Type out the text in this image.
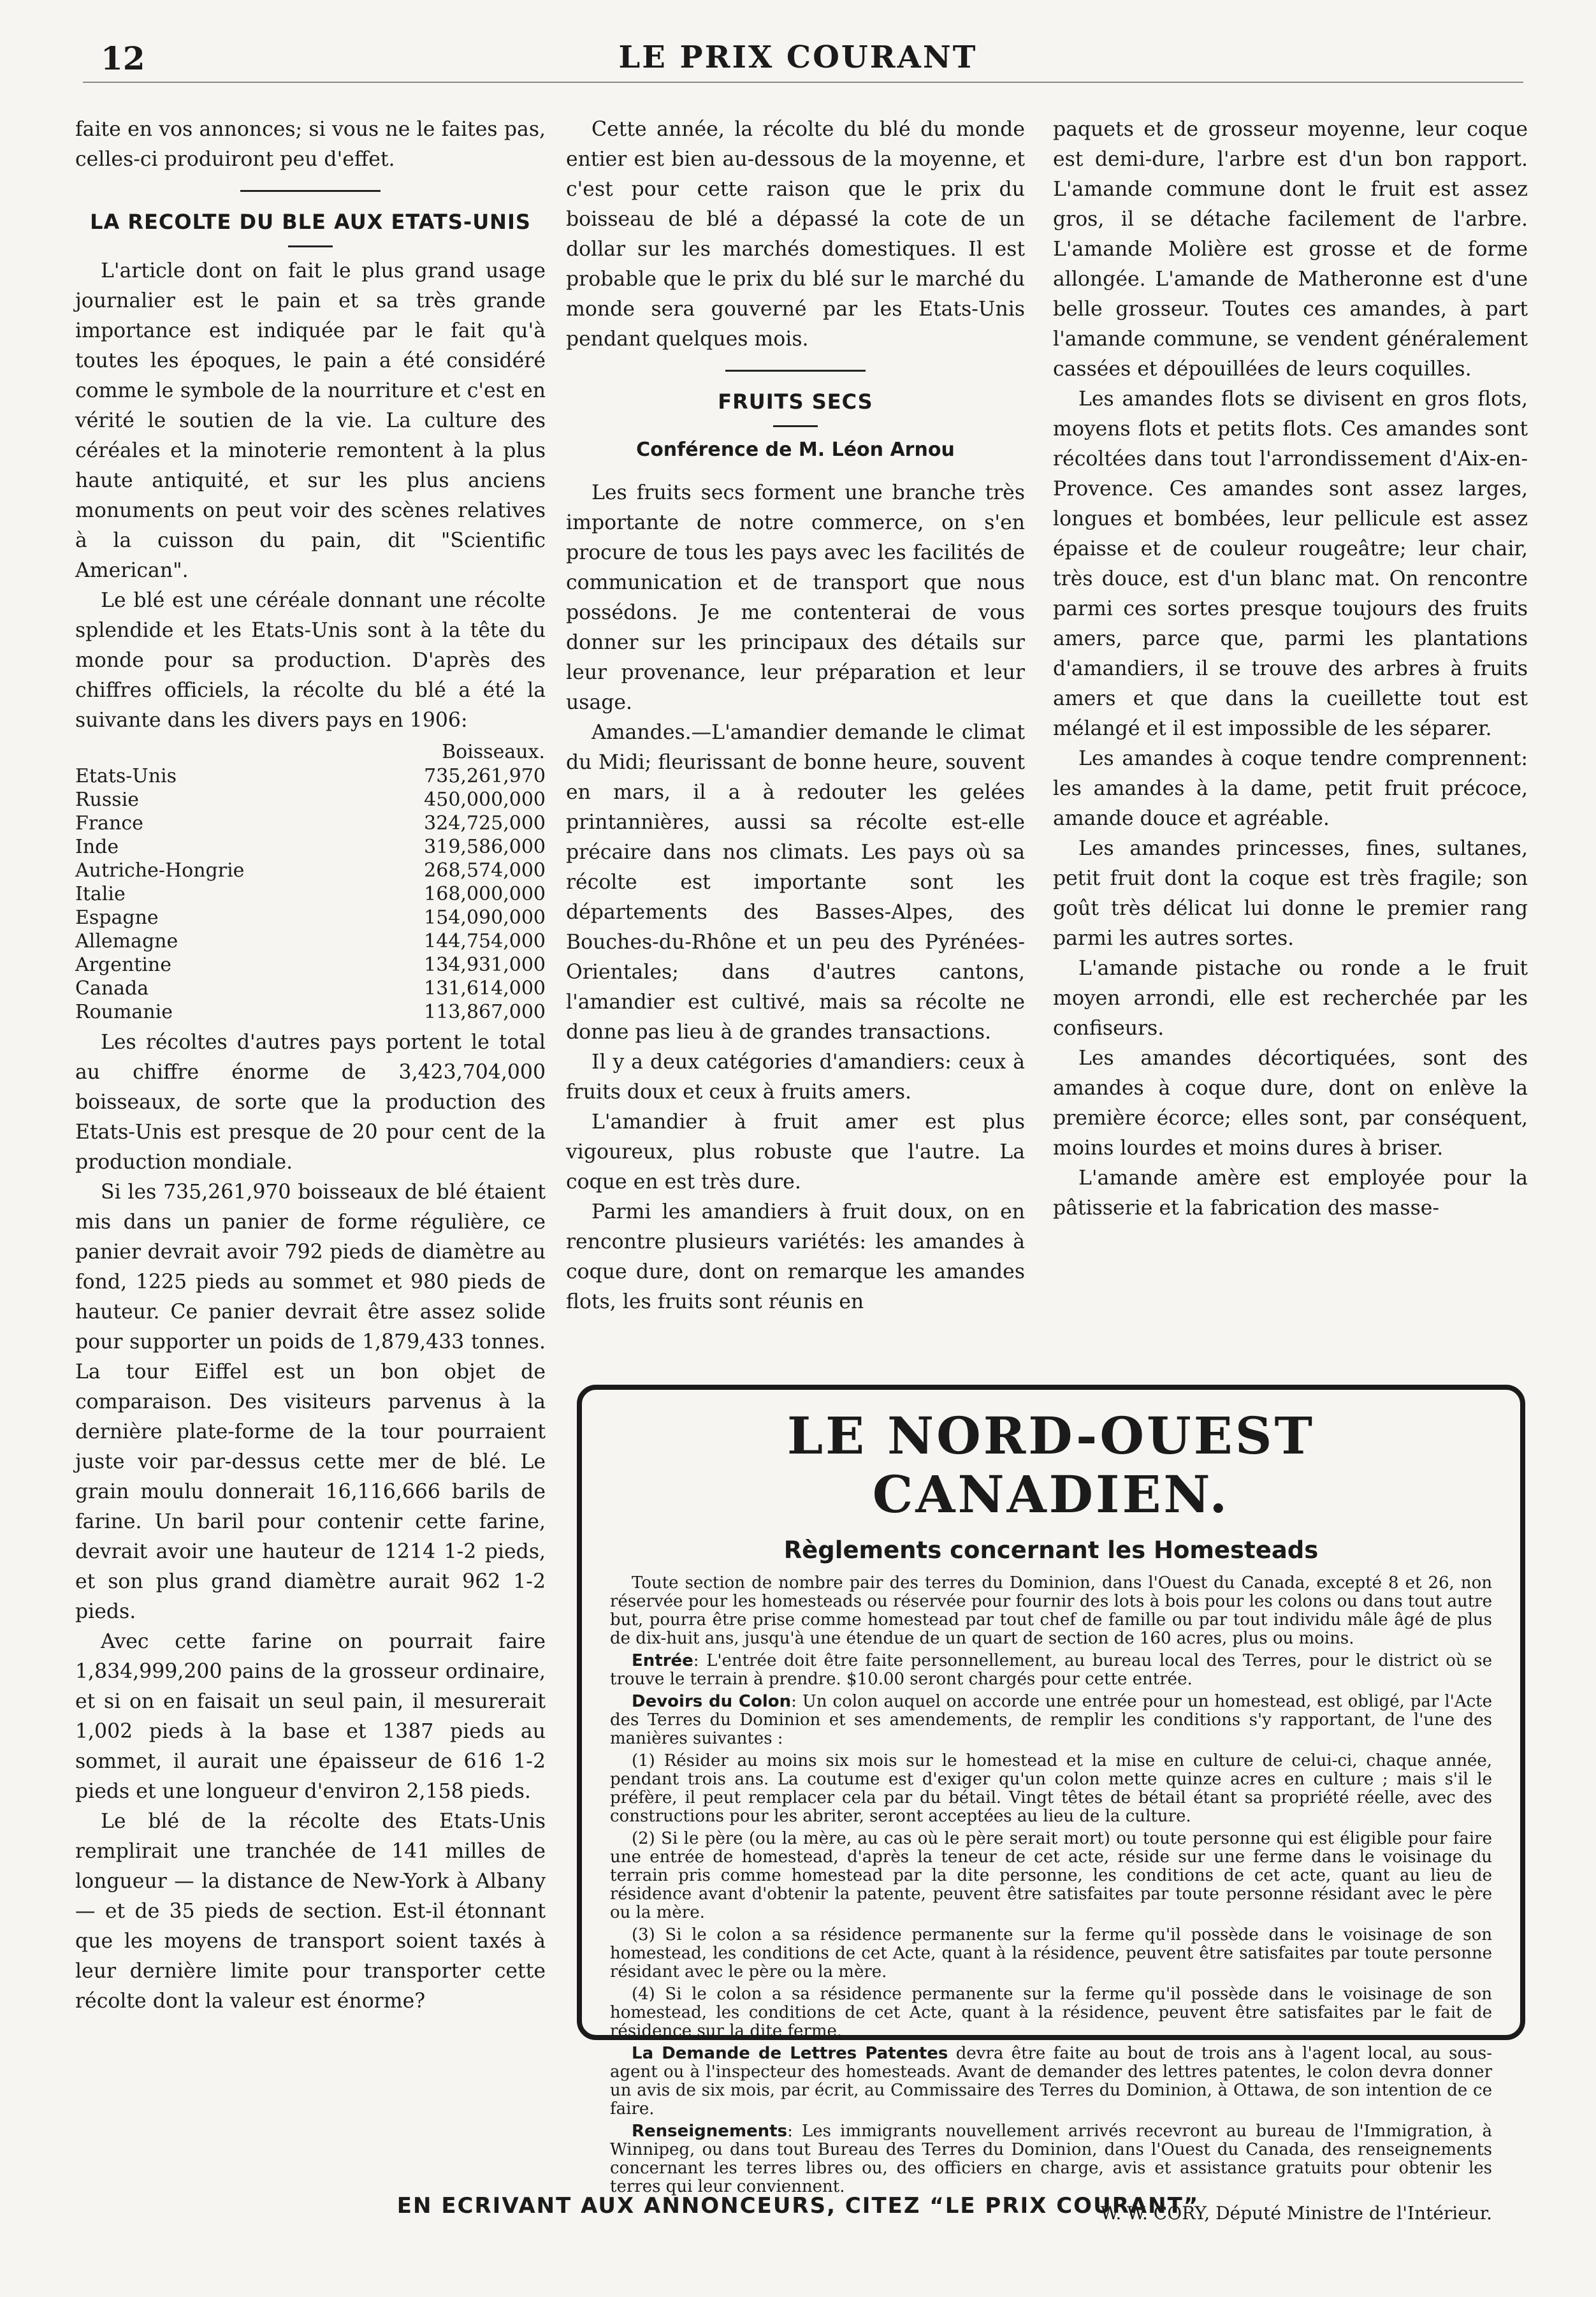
12	LE PRIX COURANT

faite en vos annonces; si vous ne le faites pas, celles-ci produiront peu d'effet.

LA RECOLTE DU BLE AUX ETATS-UNIS

L'article dont on fait le plus grand usage journalier est le pain et sa très grande importance est indiquée par le fait qu'à toutes les époques, le pain a été considéré comme le symbole de la nourriture et c'est en vérité le soutien de la vie. La culture des céréales et la minoterie remontent à la plus haute antiquité, et sur les plus anciens monuments on peut voir des scènes relatives à la cuisson du pain, dit "Scientific American".

Le blé est une céréale donnant une récolte splendide et les Etats-Unis sont à la tête du monde pour sa production. D'après des chiffres officiels, la récolte du blé a été la suivante dans les divers pays en 1906:

	Boisseaux.
Etats-Unis	735,261,970
Russie	450,000,000
France	324,725,000
Inde	319,586,000
Autriche-Hongrie	268,574,000
Italie	168,000,000
Espagne	154,090,000
Allemagne	144,754,000
Argentine	134,931,000
Canada	131,614,000
Roumanie	113,867,000

Les récoltes d'autres pays portent le total au chiffre énorme de 3,423,704,000 boisseaux, de sorte que la production des Etats-Unis est presque de 20 pour cent de la production mondiale.

Si les 735,261,970 boisseaux de blé étaient mis dans un panier de forme régulière, ce panier devrait avoir 792 pieds de diamètre au fond, 1225 pieds au sommet et 980 pieds de hauteur. Ce panier devrait être assez solide pour supporter un poids de 1,879,433 tonnes. La tour Eiffel est un bon objet de comparaison. Des visiteurs parvenus à la dernière plate-forme de la tour pourraient juste voir par-dessus cette mer de blé. Le grain moulu donnerait 16,116,666 barils de farine. Un baril pour contenir cette farine, devrait avoir une hauteur de 1214 1-2 pieds, et son plus grand diamètre aurait 962 1-2 pieds.

Avec cette farine on pourrait faire 1,834,999,200 pains de la grosseur ordinaire, et si on en faisait un seul pain, il mesurerait 1,002 pieds à la base et 1387 pieds au sommet, il aurait une épaisseur de 616 1-2 pieds et une longueur d'environ 2,158 pieds.

Le blé de la récolte des Etats-Unis remplirait une tranchée de 141 milles de longueur — la distance de New-York à Albany — et de 35 pieds de section. Est-il étonnant que les moyens de transport soient taxés à leur dernière limite pour transporter cette récolte dont la valeur est énorme?

Cette année, la récolte du blé du monde entier est bien au-dessous de la moyenne, et c'est pour cette raison que le prix du boisseau de blé a dépassé la cote de un dollar sur les marchés domestiques. Il est probable que le prix du blé sur le marché du monde sera gouverné par les Etats-Unis pendant quelques mois.

FRUITS SECS
Conférence de M. Léon Arnou

Les fruits secs forment une branche très importante de notre commerce, on s'en procure de tous les pays avec les facilités de communication et de transport que nous possédons. Je me contenterai de vous donner sur les principaux des détails sur leur provenance, leur préparation et leur usage.

Amandes.—L'amandier demande le climat du Midi; fleurissant de bonne heure, souvent en mars, il a à redouter les gelées printannières, aussi sa récolte est-elle précaire dans nos climats. Les pays où sa récolte est importante sont les départements des Basses-Alpes, des Bouches-du-Rhône et un peu des Pyrénées-Orientales; dans d'autres cantons, l'amandier est cultivé, mais sa récolte ne donne pas lieu à de grandes transactions.

Il y a deux catégories d'amandiers: ceux à fruits doux et ceux à fruits amers.

L'amandier à fruit amer est plus vigoureux, plus robuste que l'autre. La coque en est très dure.

Parmi les amandiers à fruit doux, on en rencontre plusieurs variétés: les amandes à coque dure, dont on remarque les amandes flots, les fruits sont réunis en

paquets et de grosseur moyenne, leur coque est demi-dure, l'arbre est d'un bon rapport. L'amande commune dont le fruit est assez gros, il se détache facilement de l'arbre. L'amande Molière est grosse et de forme allongée. L'amande de Matheronne est d'une belle grosseur. Toutes ces amandes, à part l'amande commune, se vendent généralement cassées et dépouillées de leurs coquilles.

Les amandes flots se divisent en gros flots, moyens flots et petits flots. Ces amandes sont récoltées dans tout l'arrondissement d'Aix-en-Provence. Ces amandes sont assez larges, longues et bombées, leur pellicule est assez épaisse et de couleur rougeâtre; leur chair, très douce, est d'un blanc mat. On rencontre parmi ces sortes presque toujours des fruits amers, parce que, parmi les plantations d'amandiers, il se trouve des arbres à fruits amers et que dans la cueillette tout est mélangé et il est impossible de les séparer.

Les amandes à coque tendre comprennent: les amandes à la dame, petit fruit précoce, amande douce et agréable.

Les amandes princesses, fines, sultanes, petit fruit dont la coque est très fragile; son goût très délicat lui donne le premier rang parmi les autres sortes.

L'amande pistache ou ronde a le fruit moyen arrondi, elle est recherchée par les confiseurs.

Les amandes décortiquées, sont des amandes à coque dure, dont on enlève la première écorce; elles sont, par conséquent, moins lourdes et moins dures à briser.

L'amande amère est employée pour la pâtisserie et la fabrication des masse-

LE NORD-OUEST CANADIEN.
Règlements concernant les Homesteads

Toute section de nombre pair des terres du Dominion, dans l'Ouest du Canada, excepté 8 et 26, non réservée pour les homesteads ou réservée pour fournir des lots à bois pour les colons ou dans tout autre but, pourra être prise comme homestead par tout chef de famille ou par tout individu mâle âgé de plus de dix-huit ans, jusqu'à une étendue de un quart de section de 160 acres, plus ou moins.

Entrée: L'entrée doit être faite personnellement, au bureau local des Terres, pour le district où se trouve le terrain à prendre. $10.00 seront chargés pour cette entrée.

Devoirs du Colon: Un colon auquel on accorde une entrée pour un homestead, est obligé, par l'Acte des Terres du Dominion et ses amendements, de remplir les conditions s'y rapportant, de l'une des manières suivantes :

(1) Résider au moins six mois sur le homestead et la mise en culture de celui-ci, chaque année, pendant trois ans. La coutume est d'exiger qu'un colon mette quinze acres en culture ; mais s'il le préfère, il peut remplacer cela par du bétail. Vingt têtes de bétail étant sa propriété réelle, avec des constructions pour les abriter, seront acceptées au lieu de la culture.

(2) Si le père (ou la mère, au cas où le père serait mort) ou toute personne qui est éligible pour faire une entrée de homestead, d'après la teneur de cet acte, réside sur une ferme dans le voisinage du terrain pris comme homestead par la dite personne, les conditions de cet acte, quant au lieu de résidence avant d'obtenir la patente, peuvent être satisfaites par toute personne résidant avec le père ou la mère.

(3) Si le colon a sa résidence permanente sur la ferme qu'il possède dans le voisinage de son homestead, les conditions de cet Acte, quant à la résidence, peuvent être satisfaites par toute personne résidant avec le père ou la mère.

(4) Si le colon a sa résidence permanente sur la ferme qu'il possède dans le voisinage de son homestead, les conditions de cet Acte, quant à la résidence, peuvent être satisfaites par le fait de résidence sur la dite ferme.

La Demande de Lettres Patentes devra être faite au bout de trois ans à l'agent local, au sous-agent ou à l'inspecteur des homesteads. Avant de demander des lettres patentes, le colon devra donner un avis de six mois, par écrit, au Commissaire des Terres du Dominion, à Ottawa, de son intention de ce faire.

Renseignements: Les immigrants nouvellement arrivés recevront au bureau de l'Immigration, à Winnipeg, ou dans tout Bureau des Terres du Dominion, dans l'Ouest du Canada, des renseignements concernant les terres libres ou, des officiers en charge, avis et assistance gratuits pour obtenir les terres qui leur conviennent.

W. W. CORY, Député Ministre de l'Intérieur.
EN ECRIVANT AUX ANNONCEURS, CITEZ “LE PRIX COURANT”
